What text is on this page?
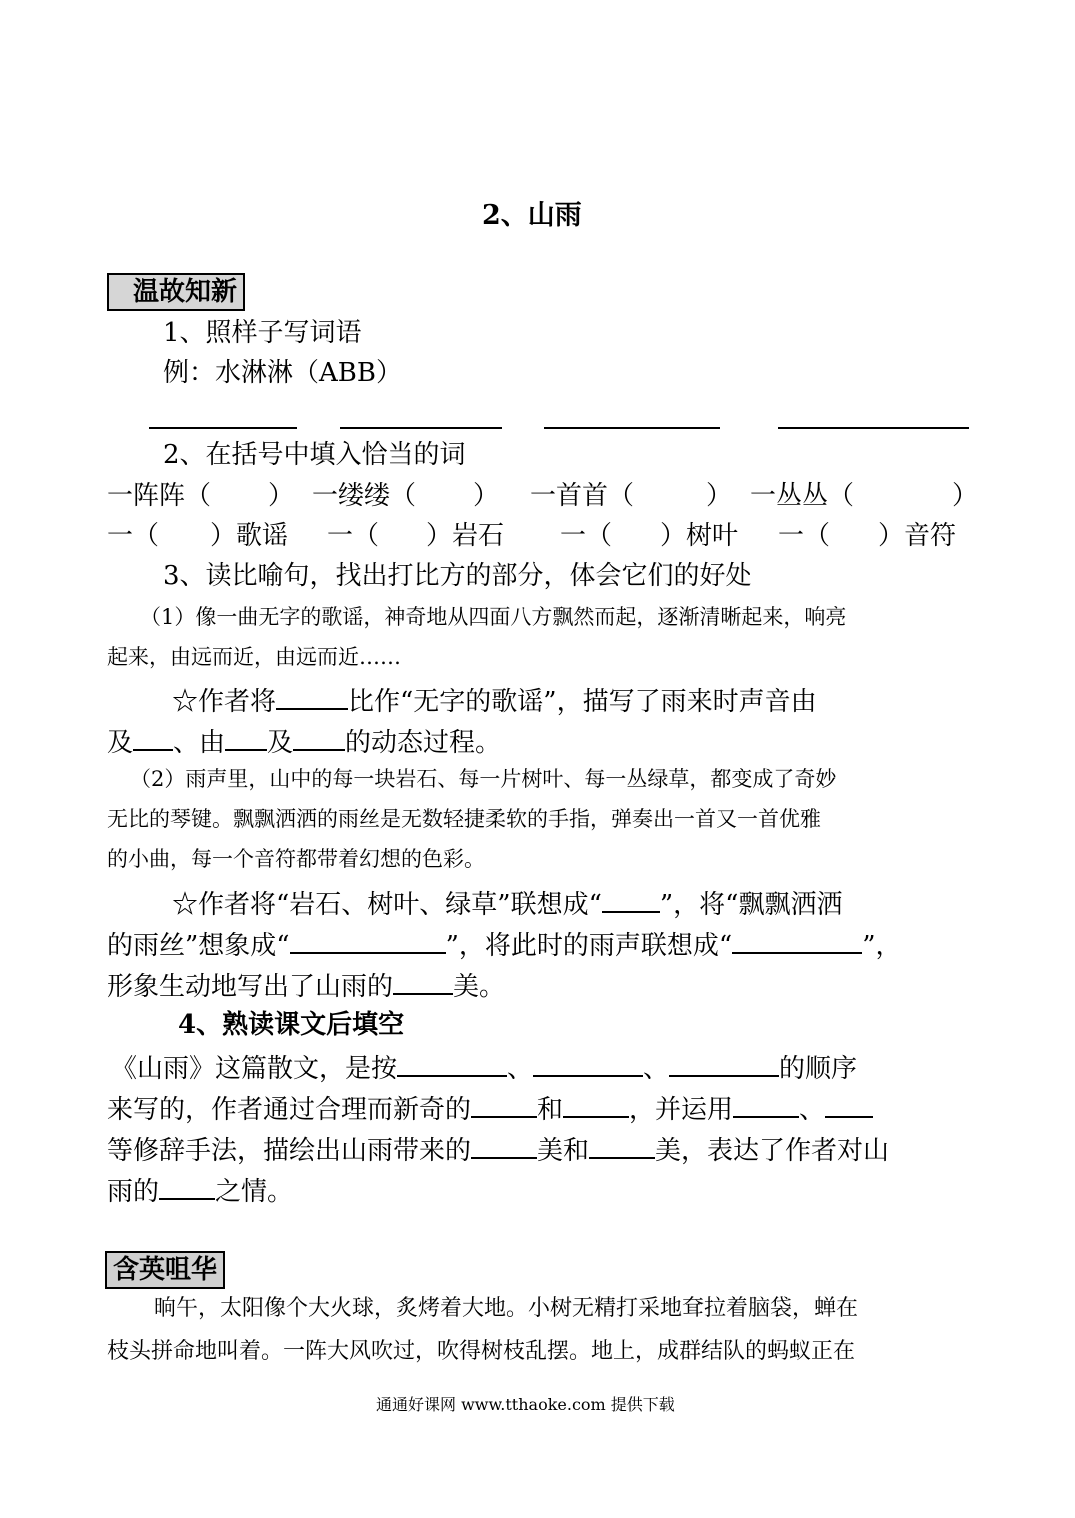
2、山雨
温故知新
1、照样子写词语
例：水淋淋（ABB）
2、在括号中填入恰当的词
一阵阵（ ） 一缕缕（ ） 一首首（	） 一丛丛（	）
一（ ）歌谣 一（ ）岩石 一（ ）树叶 一（ ）音符
3、读比喻句，找出打比方的部分，体会它们的好处
（1）像一曲无字的歌谣，神奇地从四面八方飘然而起，逐渐清晰起来，响亮
起来，由远而近，由远而近……
☆作者将	比作“无字的歌谣”，描写了雨来时声音由
及 、由 及 的动态过程。
（2）雨声里，山中的每一块岩石、每一片树叶、每一丛绿草，都变成了奇妙
无比的琴键。飘飘洒洒的雨丝是无数轻捷柔软的手指，弹奏出一首又一首优雅
的小曲，每一个音符都带着幻想的色彩。
☆作者将“岩石、树叶、绿草”联想成“ ”，将“飘飘洒洒
的雨丝”想象成“	”，将此时的雨声联想成“	”，
形象生动地写出了山雨的 美。
4、熟读课文后填空
《山雨》这篇散文，是按	、	、	的顺序
来写的，作者通过合理而新奇的	和	，并运用	、
等修辞手法，描绘出山雨带来的	美和	美，表达了作者对山
雨的 之情。
含英咀华
晌午，太阳像个大火球，炙烤着大地。小树无精打采地耷拉着脑袋，蝉在
枝头拼命地叫着。一阵大风吹过，吹得树枝乱摆。地上，成群结队的蚂蚁正在
通通好课网 www.tthaoke.com 提供下载
